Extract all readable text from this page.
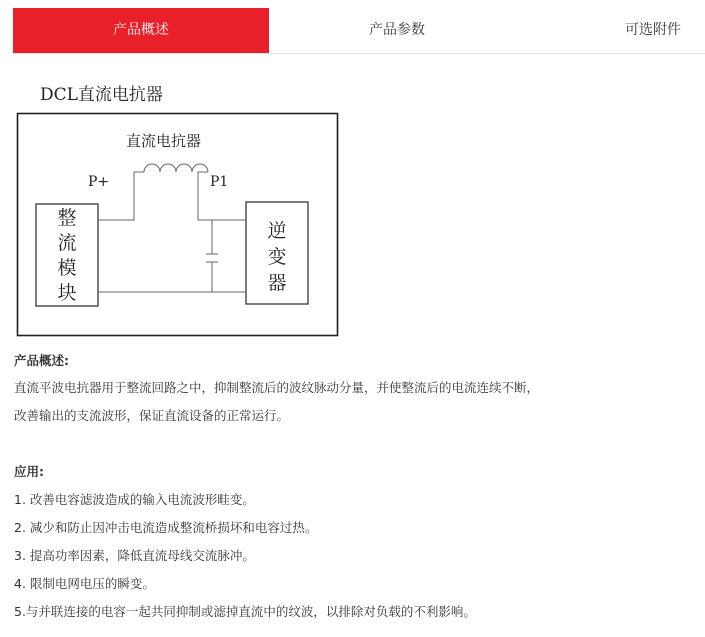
产品概述	产品参数	可选附件
DCL直流电抗器
直流电抗器
P+	P1
整
流
模
块
逆
变
器
产品概述:
直流平波电抗器用于整流回路之中，抑制整流后的波纹脉动分量，并使整流后的电流连续不断，
改善输出的支流波形，保证直流设备的正常运行。
应用:
1. 改善电容滤波造成的输入电流波形畦变。
2. 减少和防止因冲击电流造成整流桥损坏和电容过热。
3. 提高功率因素，降低直流母线交流脉冲。
4. 限制电网电压的瞬变。
5.与并联连接的电容一起共同抑制或滤掉直流中的纹波，以排除对负载的不利影响。
